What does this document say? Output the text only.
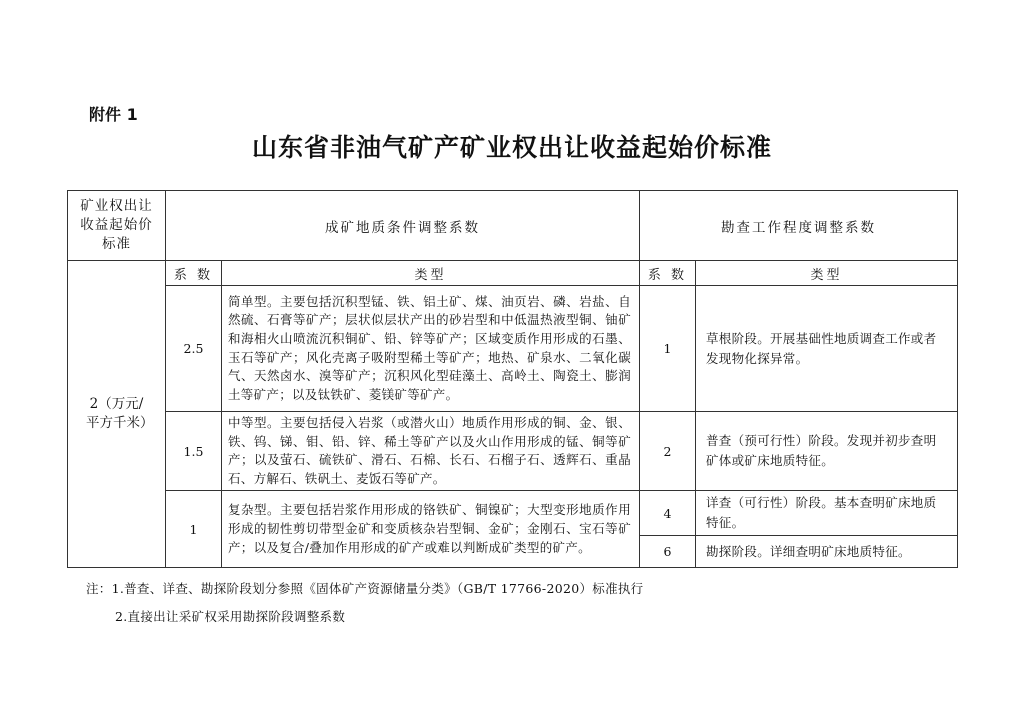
附件 1
山东省非油气矿产矿业权出让收益起始价标准
矿业权出让收益起始价标准	成矿地质条件调整系数		勘查工作程度调整系数	
2（万元/平方千米）	系 数	类型	系 数	类型
	2.5	简单型。主要包括沉积型锰、铁、铝土矿、煤、油页岩、磷、岩盐、自然硫、石膏等矿产；层状似层状产出的砂岩型和中低温热液型铜、铀矿和海相火山喷流沉积铜矿、铅、锌等矿产；区域变质作用形成的石墨、玉石等矿产；风化壳离子吸附型稀土等矿产；地热、矿泉水、二氧化碳气、天然卤水、溴等矿产；沉积风化型硅藻土、高岭土、陶瓷土、膨润土等矿产；以及钛铁矿、菱镁矿等矿产。	1	草根阶段。开展基础性地质调查工作或者发现物化探异常。
	1.5	中等型。主要包括侵入岩浆（或潜火山）地质作用形成的铜、金、银、铁、钨、锑、钼、铅、锌、稀土等矿产以及火山作用形成的锰、铜等矿产；以及萤石、硫铁矿、滑石、石棉、长石、石榴子石、透辉石、重晶石、方解石、铁矾土、麦饭石等矿产。	2	普查（预可行性）阶段。发现并初步查明矿体或矿床地质特征。
	1	复杂型。主要包括岩浆作用形成的铬铁矿、铜镍矿；大型变形地质作用形成的韧性剪切带型金矿和变质核杂岩型铜、金矿；金刚石、宝石等矿产；以及复合/叠加作用形成的矿产或难以判断成矿类型的矿产。	4	详查（可行性）阶段。基本查明矿床地质特征。
			6	勘探阶段。详细查明矿床地质特征。
注：1.普查、详查、勘探阶段划分参照《固体矿产资源储量分类》（GB/T 17766-2020）标准执行
2.直接出让采矿权采用勘探阶段调整系数
